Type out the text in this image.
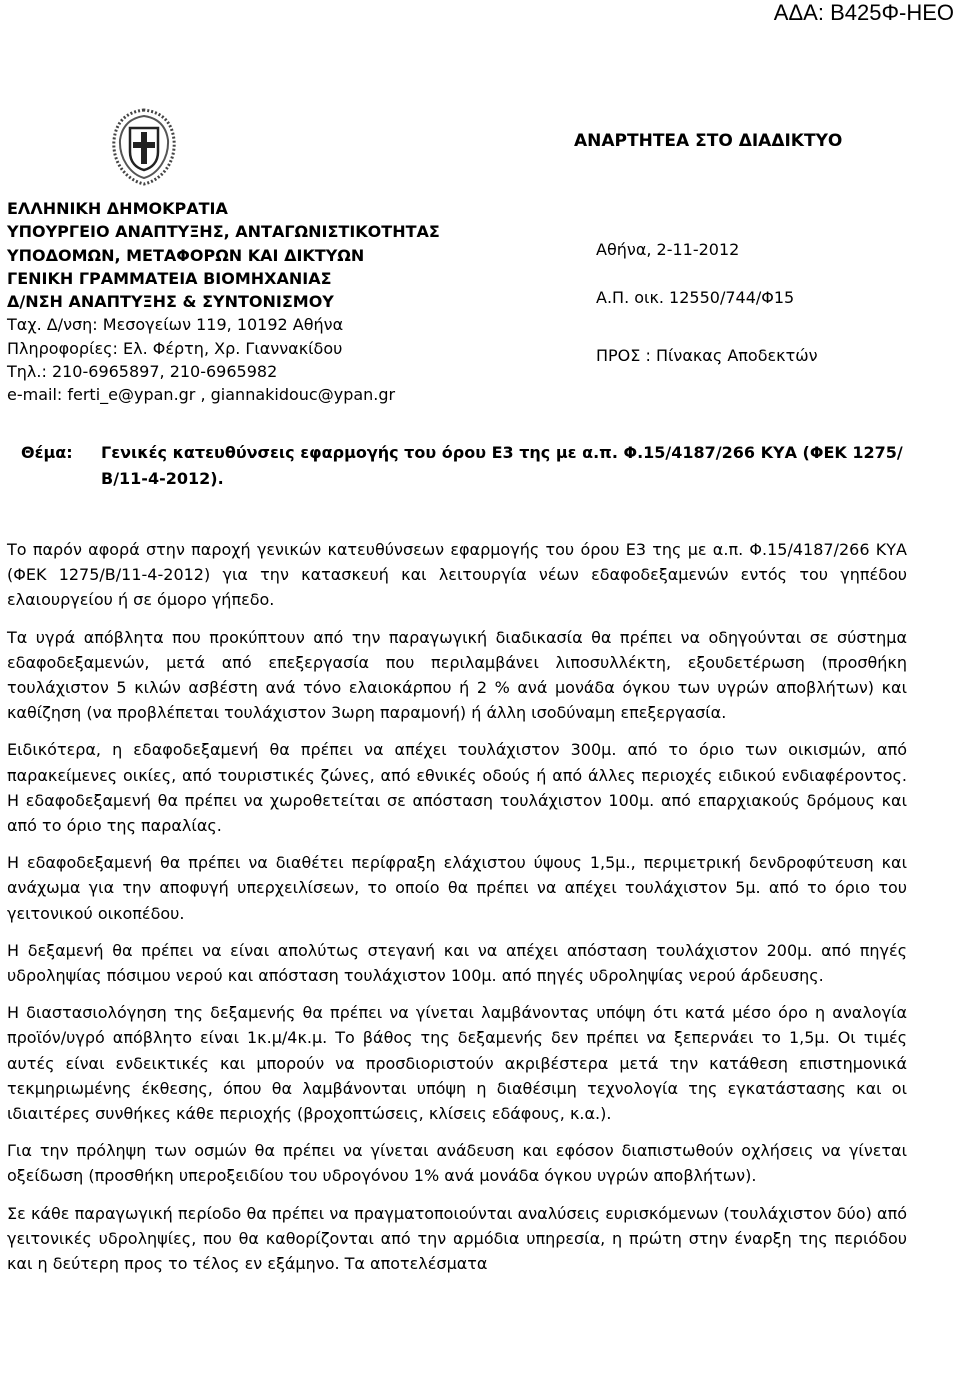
ΑΔΑ: Β425Φ-ΗΕΟ
ΑΝΑΡΤΗΤΕΑ ΣΤΟ ΔΙΑΔΙΚΤΥΟ
ΕΛΛΗΝΙΚΗ ΔΗΜΟΚΡΑΤΙΑ
ΥΠΟΥΡΓΕΙΟ ΑΝΑΠΤΥΞΗΣ, ΑΝΤΑΓΩΝΙΣΤΙΚΟΤΗΤΑΣ
ΥΠΟΔΟΜΩΝ, ΜΕΤΑΦΟΡΩΝ ΚΑΙ ΔΙΚΤΥΩΝ
ΓΕΝΙΚΗ ΓΡΑΜΜΑΤΕΙΑ ΒΙΟΜΗΧΑΝΙΑΣ
Δ/ΝΣΗ ΑΝΑΠΤΥΞΗΣ & ΣΥΝΤΟΝΙΣΜΟΥ
Ταχ. Δ/νση: Μεσογείων 119, 10192 Αθήνα
Πληροφορίες: Ελ. Φέρτη, Χρ. Γιαννακίδου
Τηλ.: 210-6965897, 210-6965982
e-mail: ferti_e@ypan.gr , giannakidouc@ypan.gr
Αθήνα, 2-11-2012
Α.Π. οικ. 12550/744/Φ15
ΠΡΟΣ : Πίνακας Αποδεκτών
Θέμα: Γενικές κατευθύνσεις εφαρμογής του όρου Ε3 της με α.π. Φ.15/4187/266 ΚΥΑ (ΦΕΚ 1275/Β/11-4-2012).

Το παρόν αφορά στην παροχή γενικών κατευθύνσεων εφαρμογής του όρου Ε3 της με α.π. Φ.15/4187/266 ΚΥΑ (ΦΕΚ 1275/Β/11-4-2012) για την κατασκευή και λειτουργία νέων εδαφοδεξαμενών εντός του γηπέδου ελαιουργείου ή σε όμορο γήπεδο.

Τα υγρά απόβλητα που προκύπτουν από την παραγωγική διαδικασία θα πρέπει να οδηγούνται σε σύστημα εδαφοδεξαμενών, μετά από επεξεργασία που περιλαμβάνει λιποσυλλέκτη, εξουδετέρωση (προσθήκη τουλάχιστον 5 κιλών ασβέστη ανά τόνο ελαιοκάρπου ή 2 % ανά μονάδα όγκου των υγρών αποβλήτων) και καθίζηση (να προβλέπεται τουλάχιστον 3ωρη παραμονή) ή άλλη ισοδύναμη επεξεργασία.

Ειδικότερα, η εδαφοδεξαμενή θα πρέπει να απέχει τουλάχιστον 300μ. από το όριο των οικισμών, από παρακείμενες οικίες, από τουριστικές ζώνες, από εθνικές οδούς ή από άλλες περιοχές ειδικού ενδιαφέροντος. Η εδαφοδεξαμενή θα πρέπει να χωροθετείται σε απόσταση τουλάχιστον 100μ. από επαρχιακούς δρόμους και από το όριο της παραλίας.

Η εδαφοδεξαμενή θα πρέπει να διαθέτει περίφραξη ελάχιστου ύψους 1,5μ., περιμετρική δενδροφύτευση και ανάχωμα για την αποφυγή υπερχειλίσεων, το οποίο θα πρέπει να απέχει τουλάχιστον 5μ. από το όριο του γειτονικού οικοπέδου.

Η δεξαμενή θα πρέπει να είναι απολύτως στεγανή και να απέχει απόσταση τουλάχιστον 200μ. από πηγές υδροληψίας πόσιμου νερού και απόσταση τουλάχιστον 100μ. από πηγές υδροληψίας νερού άρδευσης.

Η διαστασιολόγηση της δεξαμενής θα πρέπει να γίνεται λαμβάνοντας υπόψη ότι κατά μέσο όρο η αναλογία προϊόν/υγρό απόβλητο είναι 1κ.μ/4κ.μ. Το βάθος της δεξαμενής δεν πρέπει να ξεπερνάει το 1,5μ. Οι τιμές αυτές είναι ενδεικτικές και μπορούν να προσδιοριστούν ακριβέστερα μετά την κατάθεση επιστημονικά τεκμηριωμένης έκθεσης, όπου θα λαμβάνονται υπόψη η διαθέσιμη τεχνολογία της εγκατάστασης και οι ιδιαιτέρες συνθήκες κάθε περιοχής (βροχοπτώσεις, κλίσεις εδάφους, κ.α.).

Για την πρόληψη των οσμών θα πρέπει να γίνεται ανάδευση και εφόσον διαπιστωθούν οχλήσεις να γίνεται οξείδωση (προσθήκη υπεροξειδίου του υδρογόνου 1% ανά μονάδα όγκου υγρών αποβλήτων).

Σε κάθε παραγωγική περίοδο θα πρέπει να πραγματοποιούνται αναλύσεις ευρισκόμενων (τουλάχιστον δύο) από γειτονικές υδροληψίες, που θα καθορίζονται από την αρμόδια υπηρεσία, η πρώτη στην έναρξη της περιόδου και η δεύτερη προς το τέλος εν εξάμηνο. Τα αποτελέσματα
